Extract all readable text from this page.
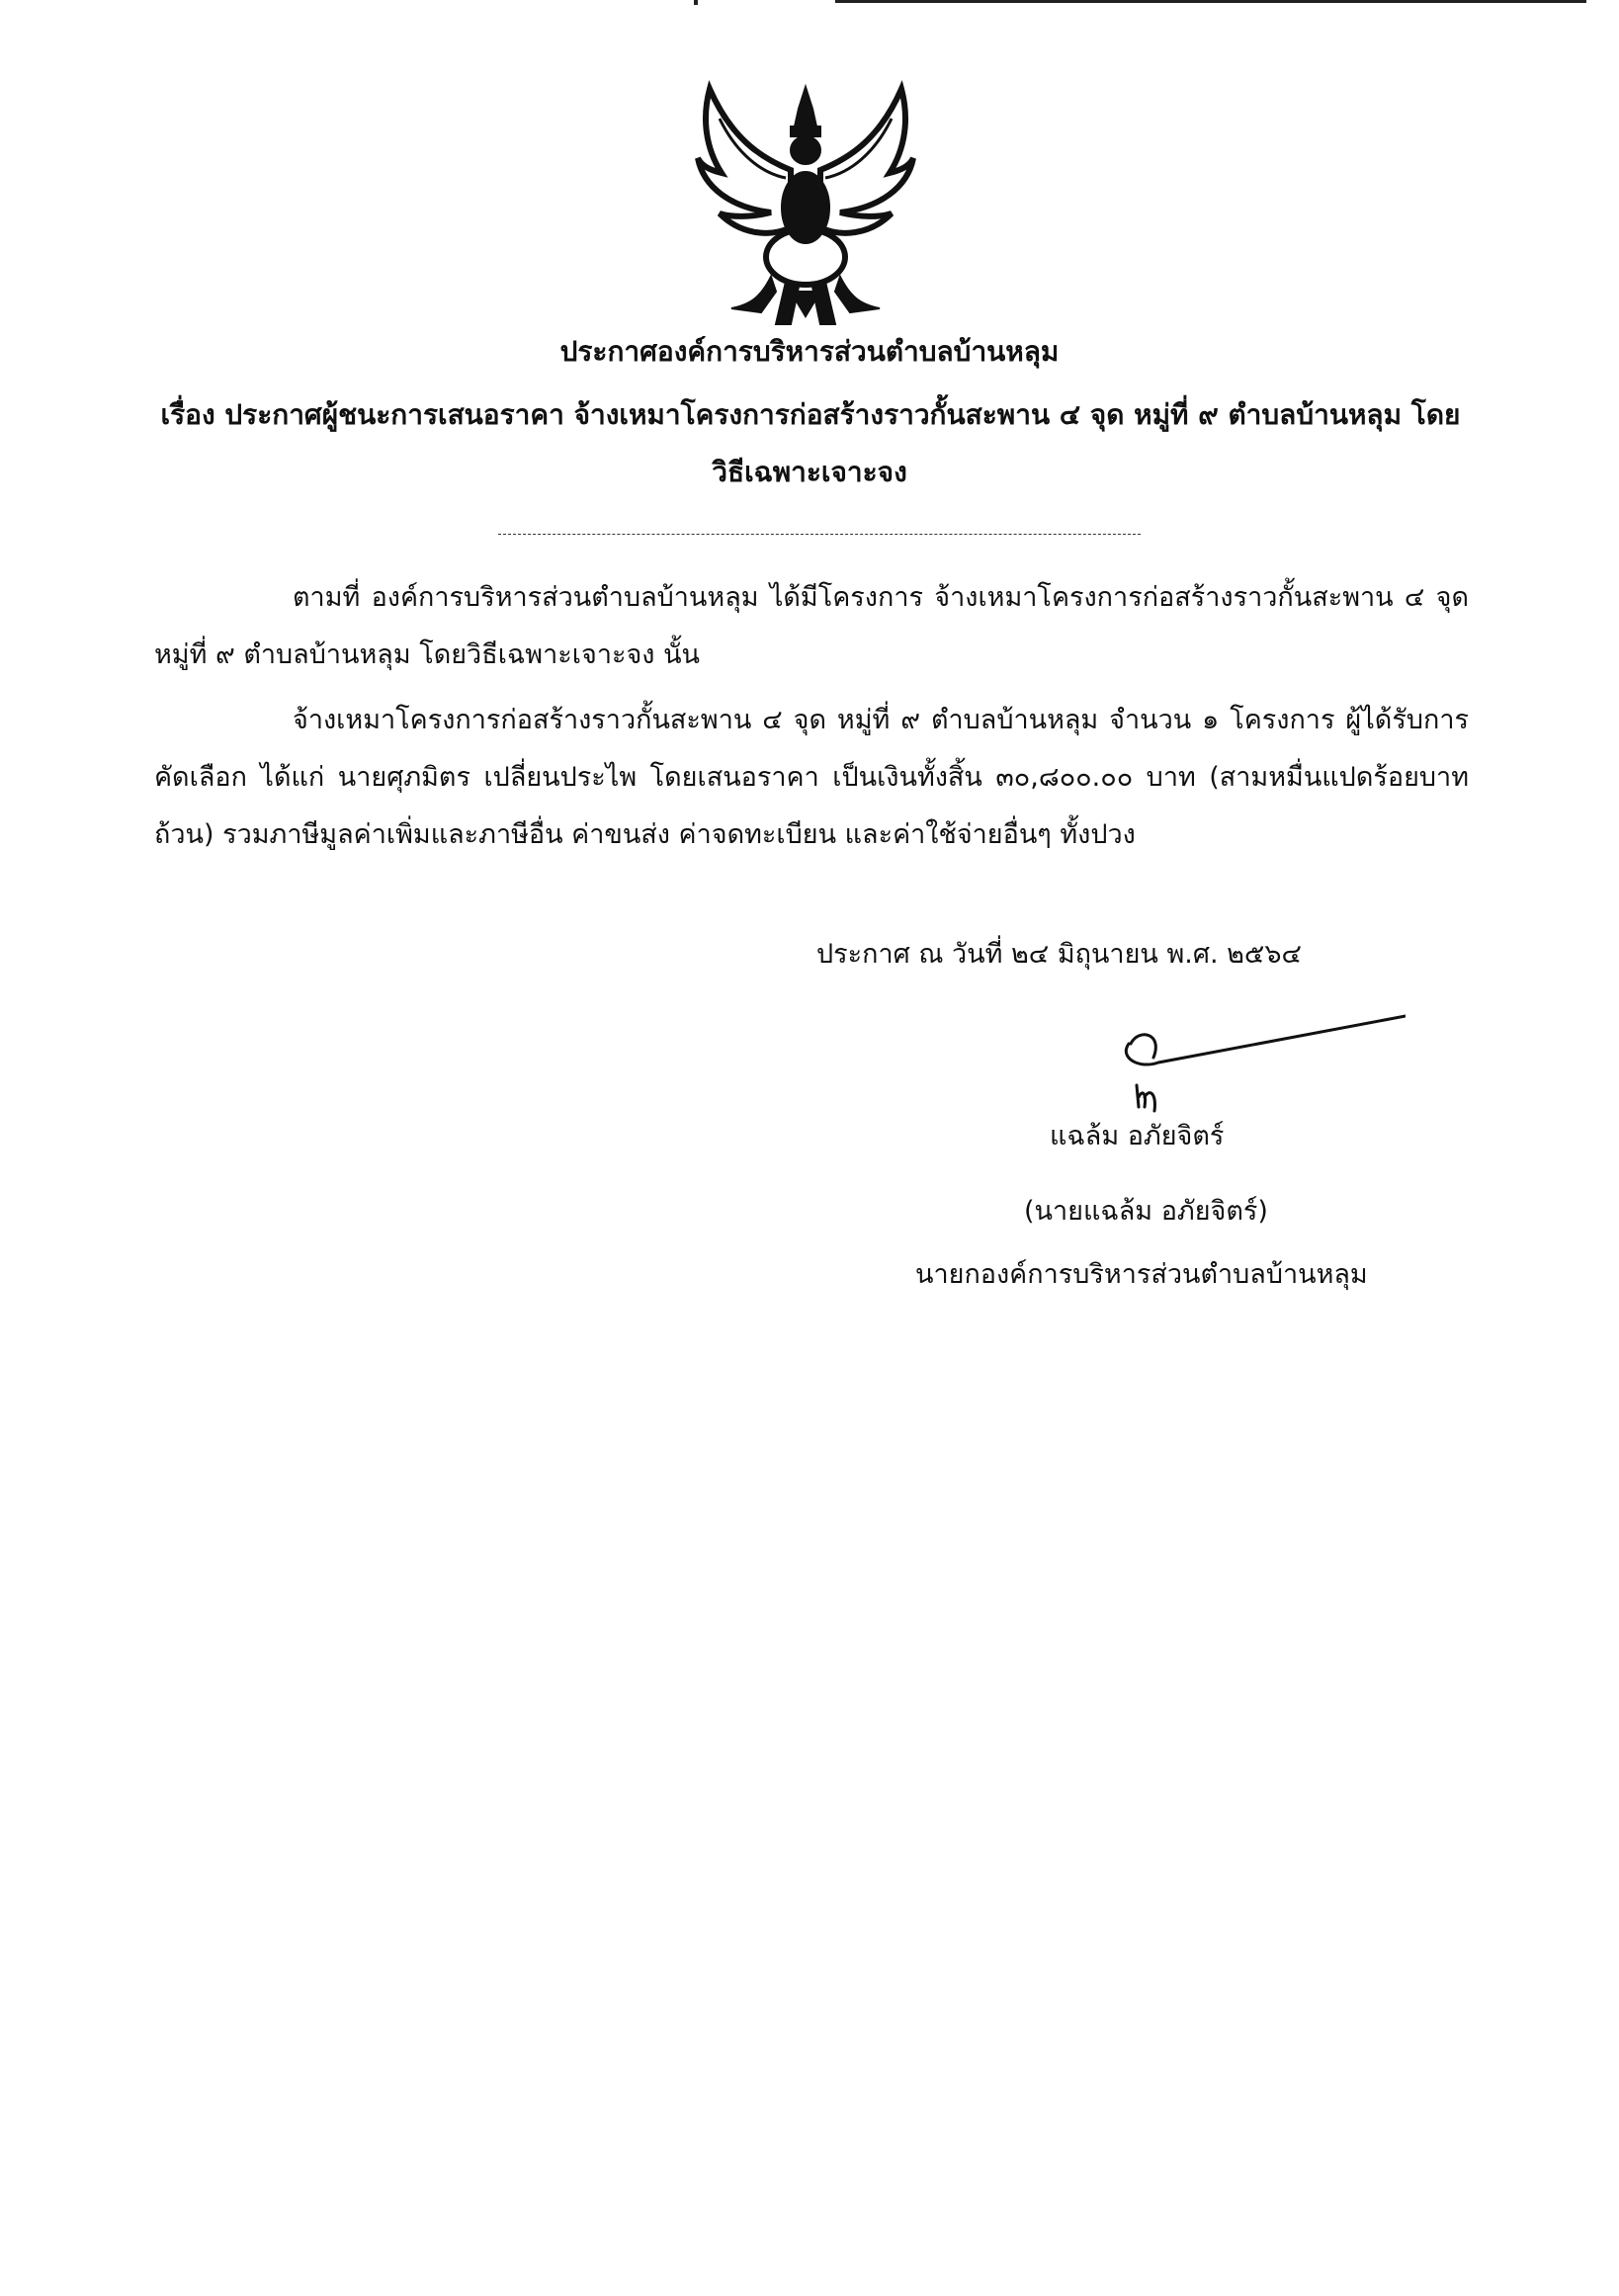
ประกาศองค์การบริหารส่วนตำบลบ้านหลุม
เรื่อง ประกาศผู้ชนะการเสนอราคา จ้างเหมาโครงการก่อสร้างราวกั้นสะพาน ๔ จุด หมู่ที่ ๙ ตำบลบ้านหลุม โดย
วิธีเฉพาะเจาะจง
ตามที่ องค์การบริหารส่วนตำบลบ้านหลุม ได้มีโครงการ จ้างเหมาโครงการก่อสร้างราวกั้นสะพาน ๔ จุด หมู่ที่ ๙ ตำบลบ้านหลุม โดยวิธีเฉพาะเจาะจง นั้น
จ้างเหมาโครงการก่อสร้างราวกั้นสะพาน ๔ จุด หมู่ที่ ๙ ตำบลบ้านหลุม จำนวน ๑ โครงการ ผู้ได้รับการคัดเลือก ได้แก่ นายศุภมิตร เปลี่ยนประไพ โดยเสนอราคา เป็นเงินทั้งสิ้น ๓๐,๘๐๐.๐๐ บาท (สามหมื่นแปดร้อยบาทถ้วน) รวมภาษีมูลค่าเพิ่มและภาษีอื่น ค่าขนส่ง ค่าจดทะเบียน และค่าใช้จ่ายอื่นๆ ทั้งปวง
ประกาศ ณ วันที่ ๒๔ มิถุนายน พ.ศ. ๒๕๖๔
แฉล้ม อภัยจิตร์
(นายแฉล้ม อภัยจิตร์)
นายกองค์การบริหารส่วนตำบลบ้านหลุม
